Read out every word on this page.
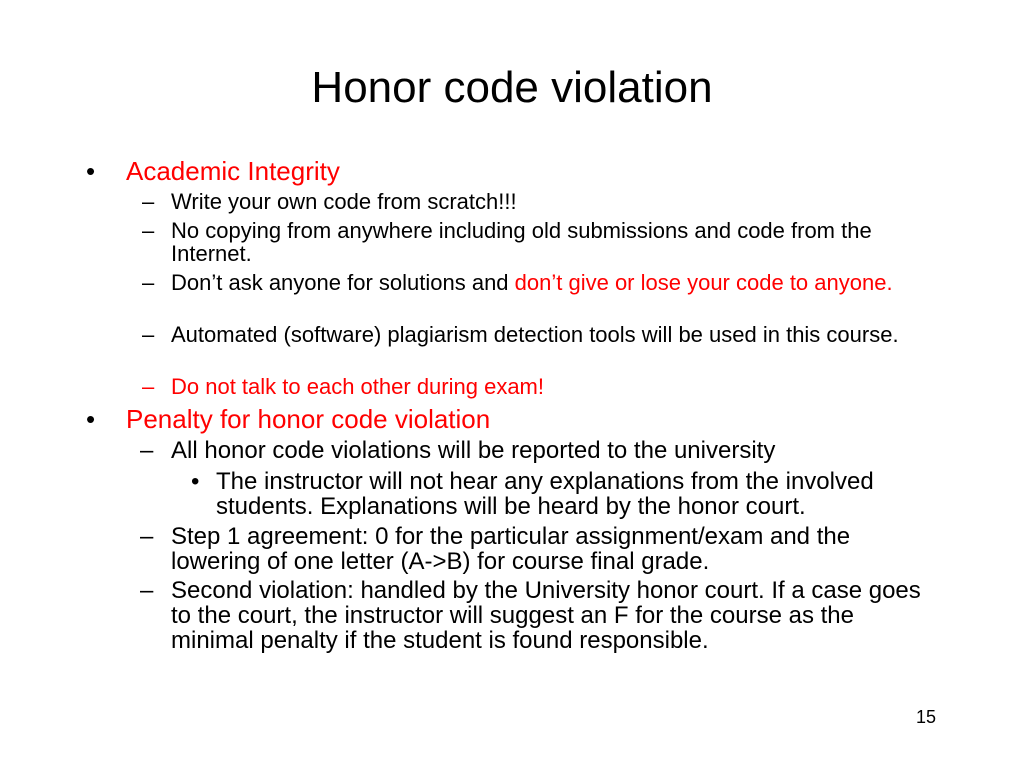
Honor code violation
• Academic Integrity
– Write your own code from scratch!!!
– No copying from anywhere including old submissions and code from the Internet.
– Don’t ask anyone for solutions and don’t give or lose your code to anyone.
– Automated (software) plagiarism detection tools will be used in this course.
– Do not talk to each other during exam!
• Penalty for honor code violation
– All honor code violations will be reported to the university
• The instructor will not hear any explanations from the involved students. Explanations will be heard by the honor court.
– Step 1 agreement: 0 for the particular assignment/exam and the lowering of one letter (A->B) for course final grade.
– Second violation: handled by the University honor court. If a case goes to the court, the instructor will suggest an F for the course as the minimal penalty if the student is found responsible.
15
